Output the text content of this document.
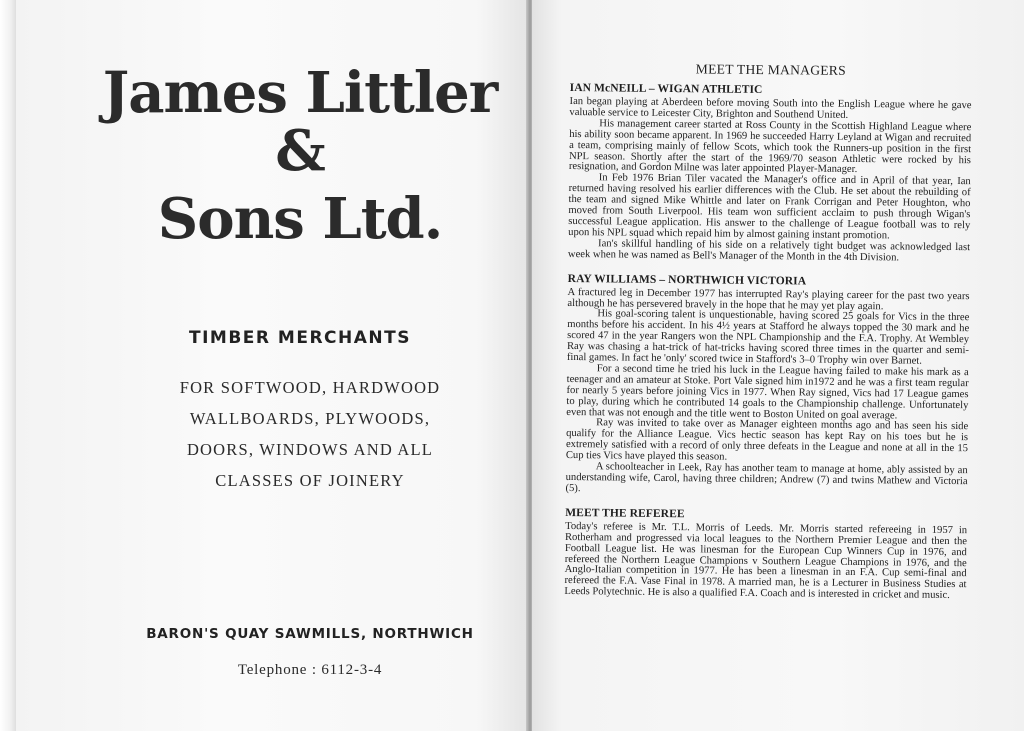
James Littler
&
Sons Ltd.
TIMBER MERCHANTS
FOR SOFTWOOD, HARDWOOD
WALLBOARDS, PLYWOODS,
DOORS, WINDOWS AND ALL
CLASSES OF JOINERY
BARON'S QUAY SAWMILLS, NORTHWICH
Telephone : 6112-3-4
MEET THE MANAGERS
IAN McNEILL – WIGAN ATHLETIC

Ian began playing at Aberdeen before moving South into the English League where he gave valuable service to Leicester City, Brighton and Southend United.

His management career started at Ross County in the Scottish Highland League where his ability soon became apparent. In 1969 he succeeded Harry Leyland at Wigan and recruited a team, comprising mainly of fellow Scots, which took the Runners-up position in the first NPL season. Shortly after the start of the 1969/70 season Athletic were rocked by his resignation, and Gordon Milne was later appointed Player-Manager.

In Feb 1976 Brian Tiler vacated the Manager's office and in April of that year, Ian returned having resolved his earlier differences with the Club. He set about the rebuilding of the team and signed Mike Whittle and later on Frank Corrigan and Peter Houghton, who moved from South Liverpool. His team won sufficient acclaim to push through Wigan's successful League application. His answer to the challenge of League football was to rely upon his NPL squad which repaid him by almost gaining instant promotion.

Ian's skillful handling of his side on a relatively tight budget was acknowledged last week when he was named as Bell's Manager of the Month in the 4th Division.

RAY WILLIAMS – NORTHWICH VICTORIA

A fractured leg in December 1977 has interrupted Ray's playing career for the past two years although he has persevered bravely in the hope that he may yet play again.

His goal-scoring talent is unquestionable, having scored 25 goals for Vics in the three months before his accident. In his 4½ years at Stafford he always topped the 30 mark and he scored 47 in the year Rangers won the NPL Championship and the F.A. Trophy. At Wembley Ray was chasing a hat-trick of hat-tricks having scored three times in the quarter and semi-final games. In fact he 'only' scored twice in Stafford's 3–0 Trophy win over Barnet.

For a second time he tried his luck in the League having failed to make his mark as a teenager and an amateur at Stoke. Port Vale signed him in1972 and he was a first team regular for nearly 5 years before joining Vics in 1977. When Ray signed, Vics had 17 League games to play, during which he contributed 14 goals to the Championship challenge. Unfortunately even that was not enough and the title went to Boston United on goal average.

Ray was invited to take over as Manager eighteen months ago and has seen his side qualify for the Alliance League. Vics hectic season has kept Ray on his toes but he is extremely satisfied with a record of only three defeats in the League and none at all in the 15 Cup ties Vics have played this season.

A schoolteacher in Leek, Ray has another team to manage at home, ably assisted by an understanding wife, Carol, having three children; Andrew (7) and twins Mathew and Victoria (5).

MEET THE REFEREE

Today's referee is Mr. T.L. Morris of Leeds. Mr. Morris started refereeing in 1957 in Rotherham and progressed via local leagues to the Northern Premier League and then the Football League list. He was linesman for the European Cup Winners Cup in 1976, and refereed the Northern League Champions v Southern League Champions in 1976, and the Anglo-Italian competition in 1977. He has been a linesman in an F.A. Cup semi-final and refereed the F.A. Vase Final in 1978. A married man, he is a Lecturer in Business Studies at Leeds Polytechnic. He is also a qualified F.A. Coach and is interested in cricket and music.
